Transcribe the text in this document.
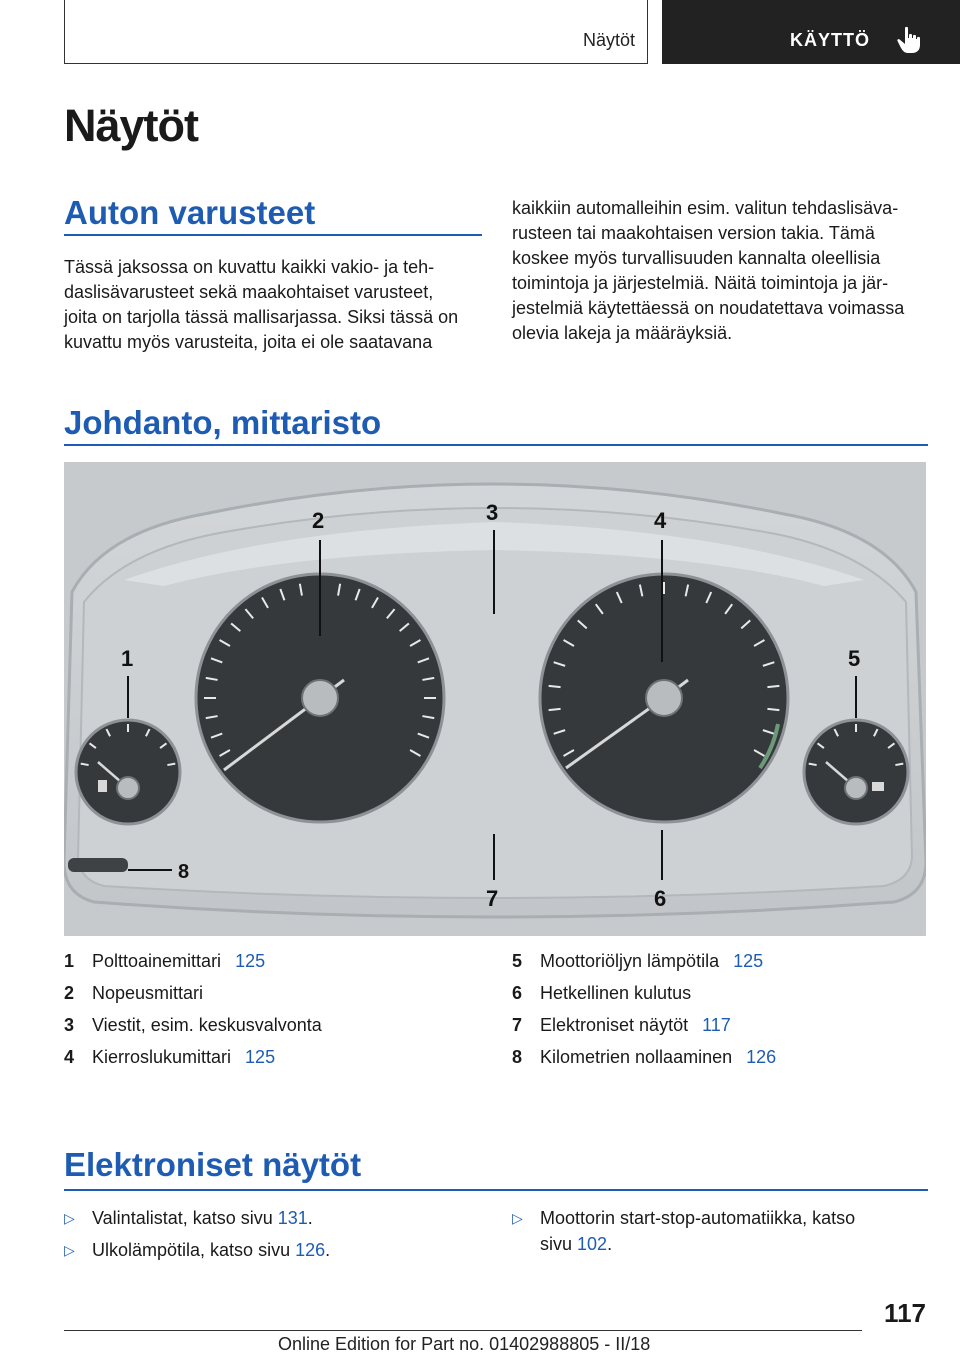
Näytöt	KÄYTTÖ
Näytöt
Auton varusteet
Tässä jaksossa on kuvattu kaikki vakio- ja teh-
daslisävarusteet sekä maakohtaiset varusteet,
joita on tarjolla tässä mallisarjassa. Siksi tässä on
kuvattu myös varusteita, joita ei ole saatavana
kaikkiin automalleihin esim. valitun tehdaslisäva-
rusteen tai maakohtaisen version takia. Tämä
koskee myös turvallisuuden kannalta oleellisia
toimintoja ja järjestelmiä. Näitä toimintoja ja jär-
jestelmiä käytettäessä on noudatettava voimassa
olevia lakeja ja määräyksiä.
Johdanto, mittaristo
1
2	3	4
5
6
7
8
1 Polttoainemittari 125
2 Nopeusmittari
3 Viestit, esim. keskusvalvonta
4 Kierroslukumittari 125
5 Moottoriöljyn lämpötila 125
6 Hetkellinen kulutus
7 Elektroniset näytöt 117
8 Kilometrien nollaaminen 126
Elektroniset näytöt
▷ Valintalistat, katso sivu 131.
▷ Ulkolämpötila, katso sivu 126.
▷ Moottorin start-stop-automatiikka, katso
sivu 102.
117
Online Edition for Part no. 01402988805 - II/18
